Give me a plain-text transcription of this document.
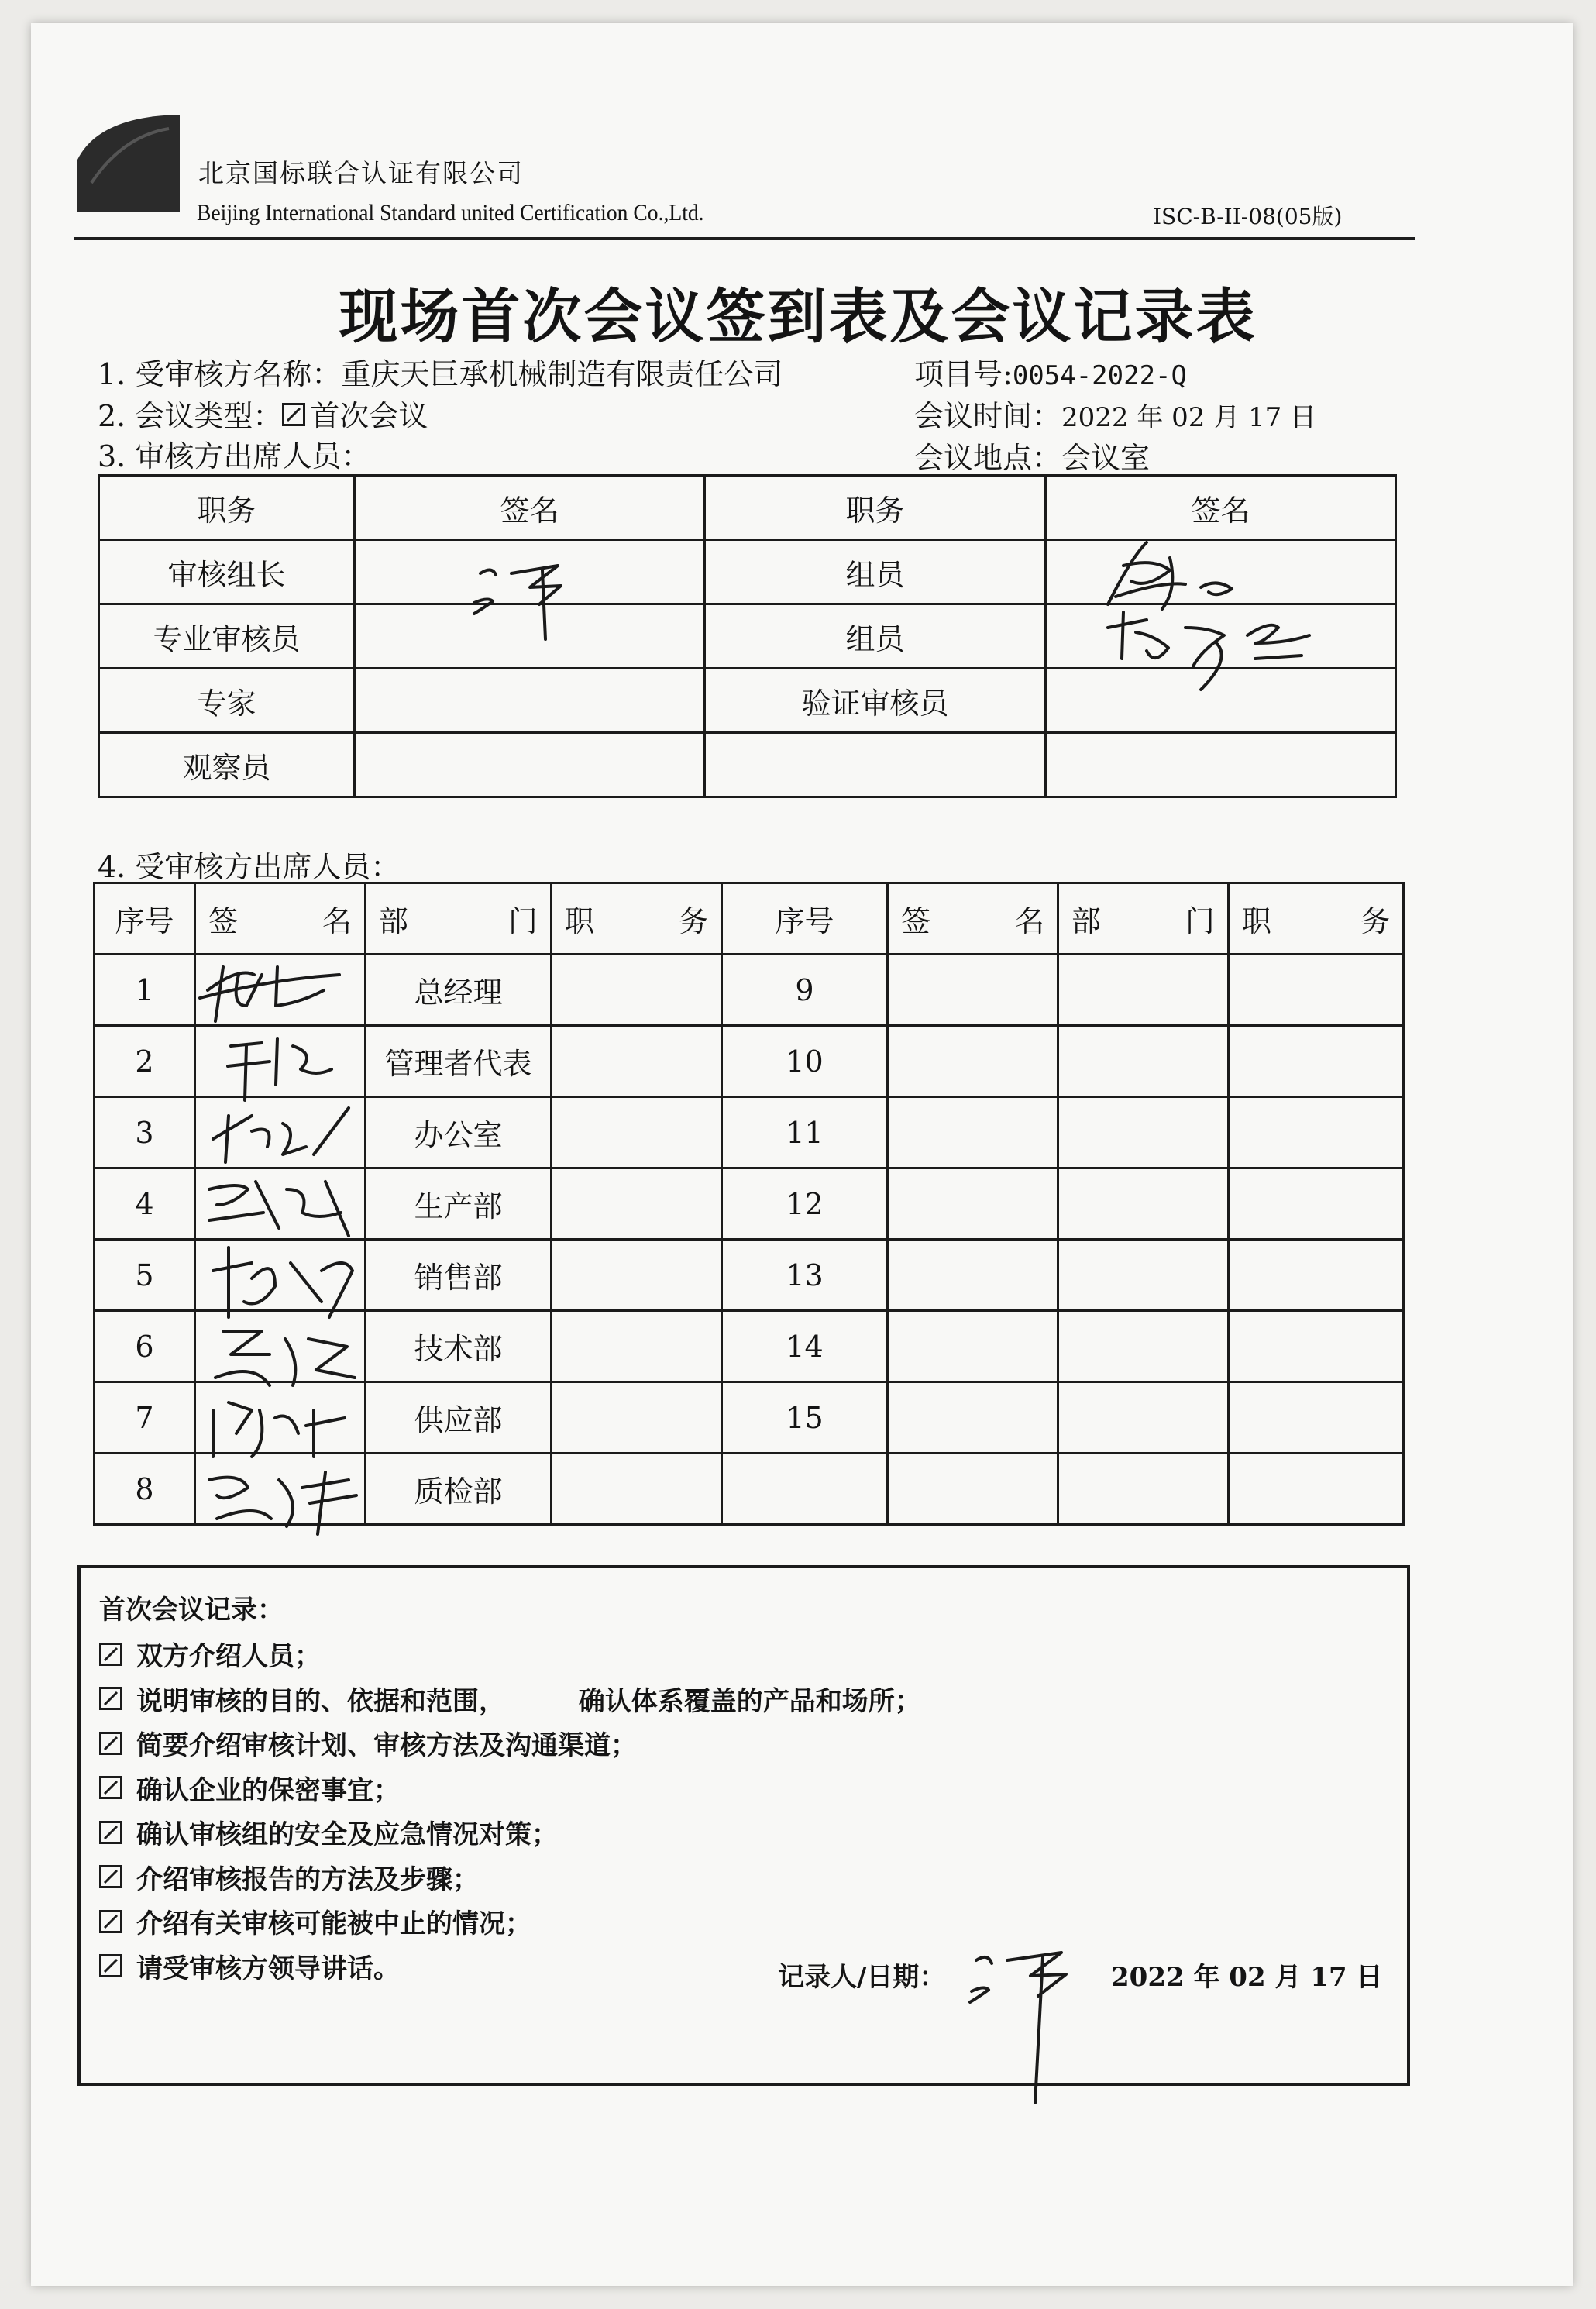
北京国标联合认证有限公司
Beijing International Standard united Certification Co.,Ltd.	ISC-B-II-08(05版)
现场首次会议签到表及会议记录表
1. 受审核方名称：重庆天巨承机械制造有限责任公司	项目号:0054-2022-Q
2. 会议类型： 首次会议	会议时间：2022 年 02 月 17 日
3. 审核方出席人员：	会议地点：会议室
职务	签名	职务	签名
审核组长		组员	
专业审核员		组员	
专家		验证审核员	
观察员			
4. 受审核方出席人员：
序号	签 名	部 门	职 务	序号	签 名	部 门	职 务

1		总经理		9			
2		管理者代表		10			
3		办公室		11			
4		生产部		12			
5		销售部		13			
6		技术部		14			
7		供应部		15			
8		质检部					
首次会议记录：
双方介绍人员；
说明审核的目的、依据和范围，        确认体系覆盖的产品和场所；
简要介绍审核计划、审核方法及沟通渠道；
确认企业的保密事宜；
确认审核组的安全及应急情况对策；
介绍审核报告的方法及步骤；
介绍有关审核可能被中止的情况；
请受审核方领导讲话。	记录人/日期：	2022 年 02 月 17 日
